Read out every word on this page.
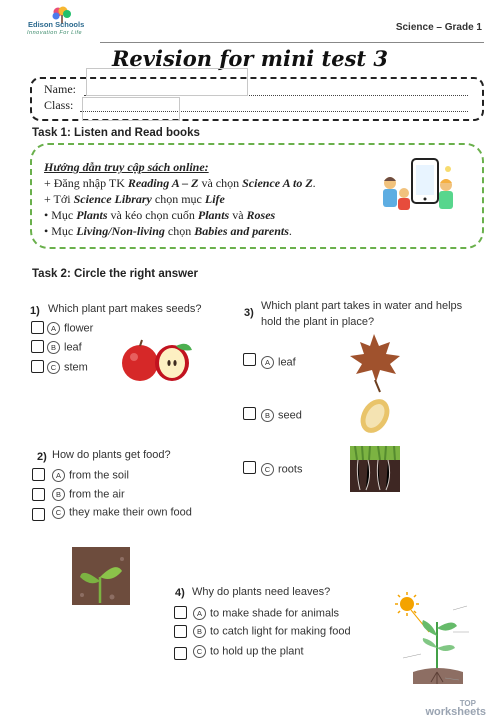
Edison Schools
Innovation For Life	Science – Grade 1
Revision for mini test 3
Name:
Class:
Task 1: Listen and Read books
Hướng dẫn truy cập sách online:
+ Đăng nhập TK Reading A – Z và chọn Science A to Z.
+ Tới Science Library chọn mục Life
• Mục Plants và kéo chọn cuốn Plants và Roses
• Mục Living/Non-living chọn Babies and parents.
Task 2: Circle the right answer
1) Which plant part makes seeds?
A flower
B leaf
C stem
2) How do plants get food?
A from the soil
B from the air
C they make their own food
3)
Which plant part takes in water and helps
hold the plant in place?
A leaf
B seed
C roots
4) Why do plants need leaves?
A to make shade for animals
B to catch light for making food
C to hold up the plant
TOP
worksheets
